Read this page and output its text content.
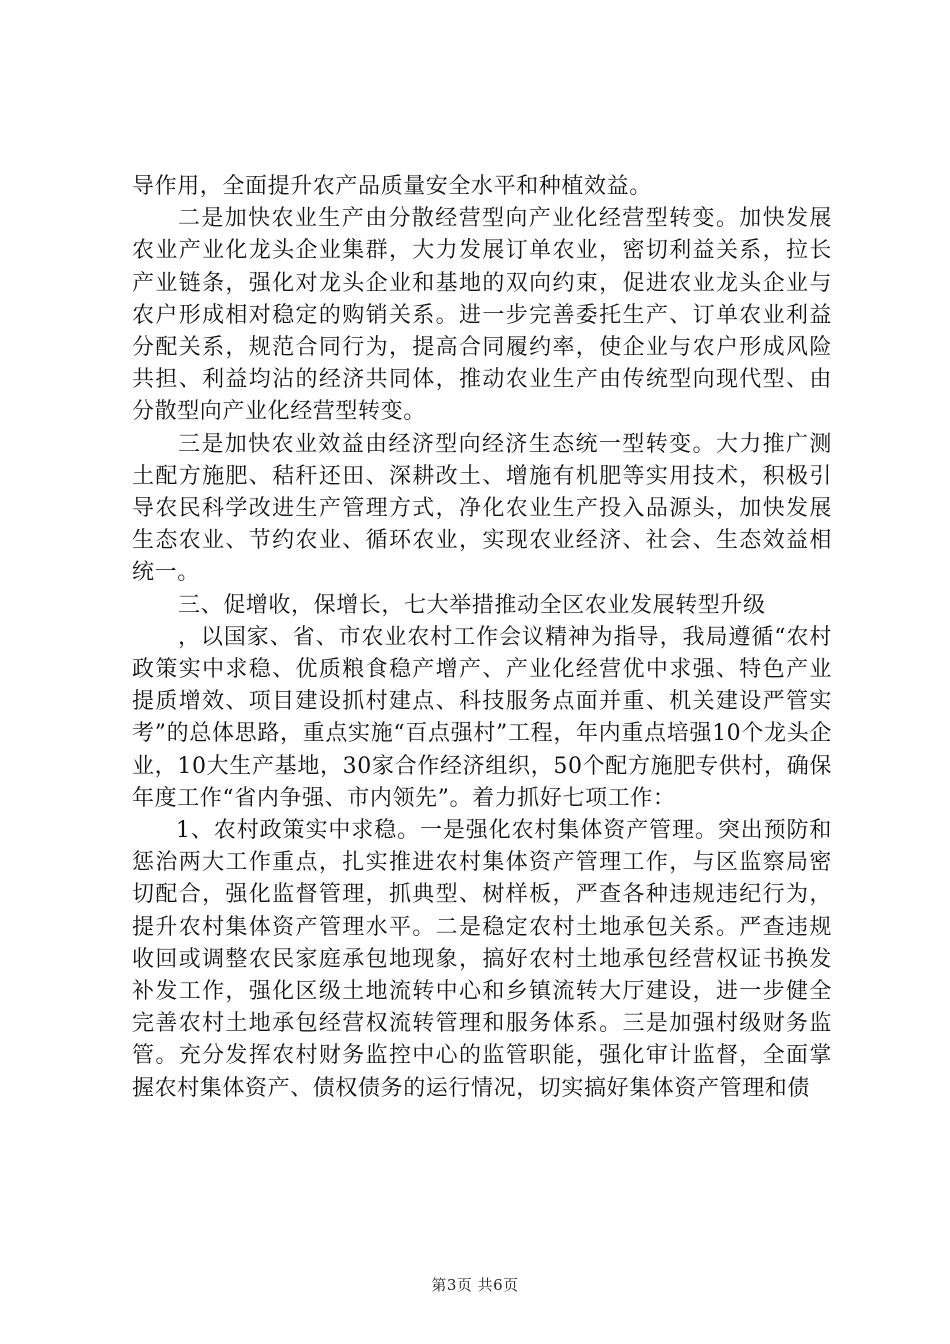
导作用，全面提升农产品质量安全水平和种植效益。

二是加快农业生产由分散经营型向产业化经营型转变。加快发展农业产业化龙头企业集群，大力发展订单农业，密切利益关系，拉长产业链条，强化对龙头企业和基地的双向约束，促进农业龙头企业与农户形成相对稳定的购销关系。进一步完善委托生产、订单农业利益分配关系，规范合同行为，提高合同履约率，使企业与农户形成风险共担、利益均沾的经济共同体，推动农业生产由传统型向现代型、由分散型向产业化经营型转变。

三是加快农业效益由经济型向经济生态统一型转变。大力推广测土配方施肥、秸秆还田、深耕改土、增施有机肥等实用技术，积极引导农民科学改进生产管理方式，净化农业生产投入品源头，加快发展生态农业、节约农业、循环农业，实现农业经济、社会、生态效益相统一。

三、促增收，保增长，七大举措推动全区农业发展转型升级

，以国家、省、市农业农村工作会议精神为指导，我局遵循“农村政策实中求稳、优质粮食稳产增产、产业化经营优中求强、特色产业提质增效、项目建设抓村建点、科技服务点面并重、机关建设严管实考”的总体思路，重点实施“百点强村”工程，年内重点培强10个龙头企业，10大生产基地，30家合作经济组织，50个配方施肥专供村，确保年度工作“省内争强、市内领先”。着力抓好七项工作：

1、农村政策实中求稳。一是强化农村集体资产管理。突出预防和惩治两大工作重点，扎实推进农村集体资产管理工作，与区监察局密切配合，强化监督管理，抓典型、树样板，严查各种违规违纪行为，提升农村集体资产管理水平。二是稳定农村土地承包关系。严查违规收回或调整农民家庭承包地现象，搞好农村土地承包经营权证书换发补发工作，强化区级土地流转中心和乡镇流转大厅建设，进一步健全完善农村土地承包经营权流转管理和服务体系。三是加强村级财务监管。充分发挥农村财务监控中心的监管职能，强化审计监督，全面掌握农村集体资产、债权债务的运行情况，切实搞好集体资产管理和债

第3页 共6页
